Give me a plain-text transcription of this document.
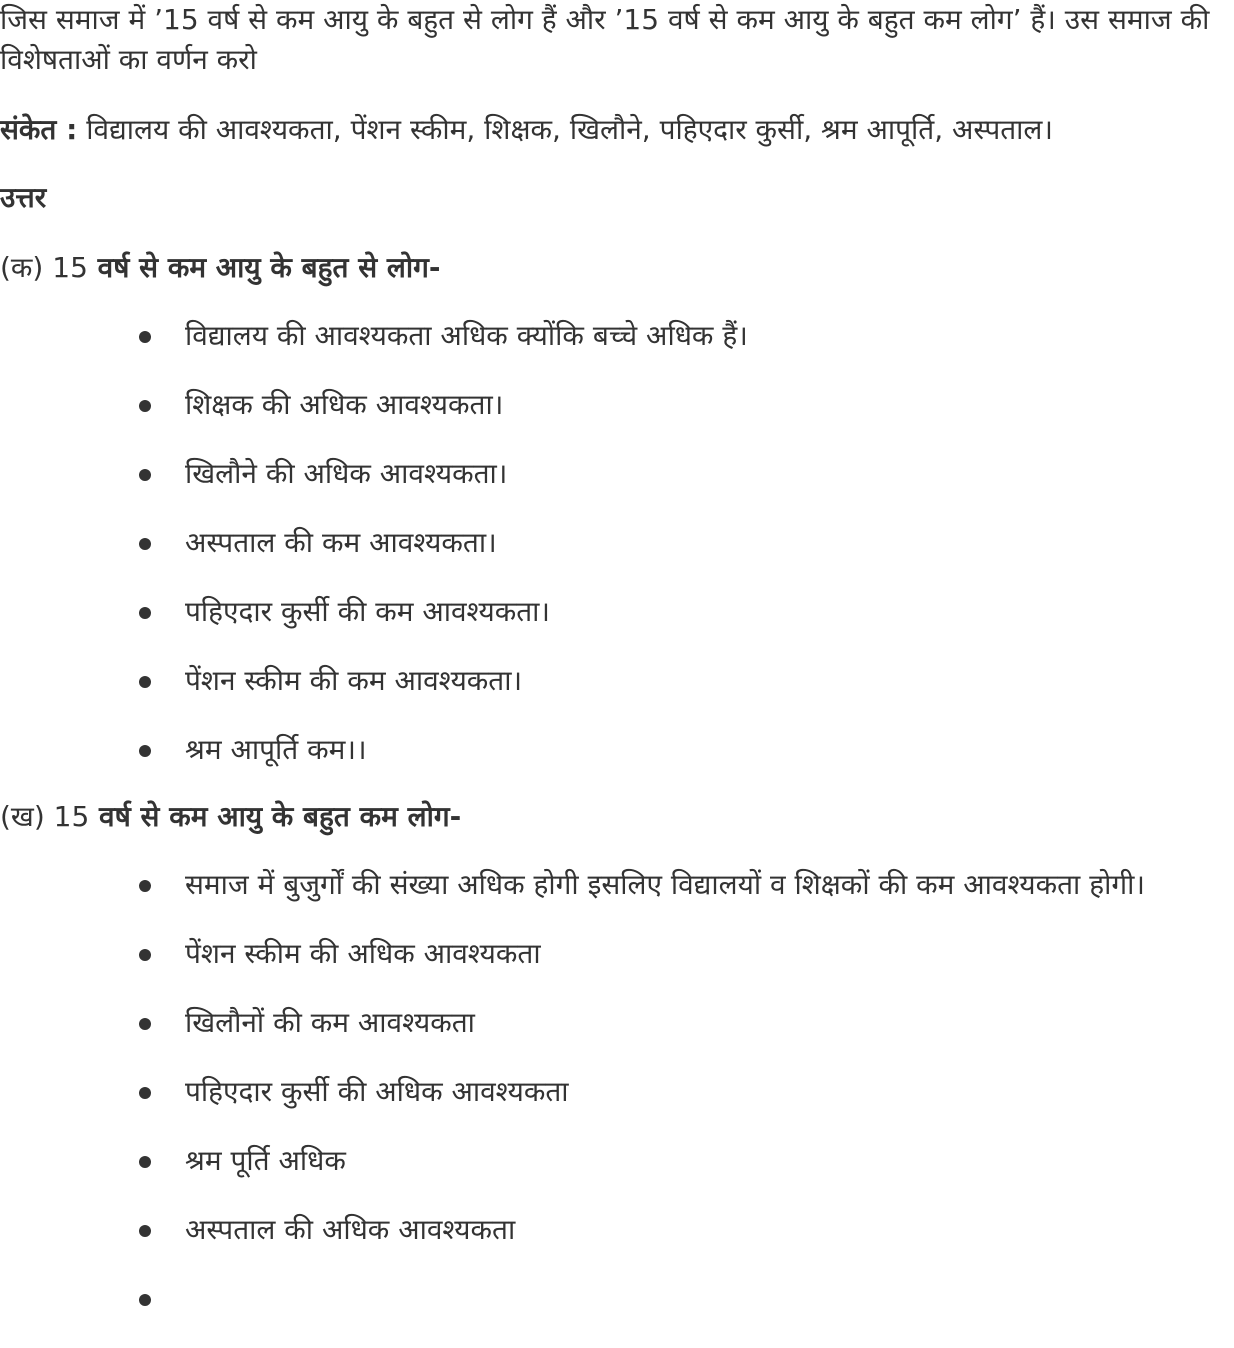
जिस समाज में ’15 वर्ष से कम आयु के बहुत से लोग हैं और ’15 वर्ष से कम आयु के बहुत कम लोग’ हैं। उस समाज की विशेषताओं का वर्णन करो
संकेत : विद्यालय की आवश्यकता, पेंशन स्कीम, शिक्षक, खिलौने, पहिएदार कुर्सी, श्रम आपूर्ति, अस्पताल।
उत्तर
(क) 15 वर्ष से कम आयु के बहुत से लोग-
विद्यालय की आवश्यकता अधिक क्योंकि बच्चे अधिक हैं।
शिक्षक की अधिक आवश्यकता।
खिलौने की अधिक आवश्यकता।
अस्पताल की कम आवश्यकता।
पहिएदार कुर्सी की कम आवश्यकता।
पेंशन स्कीम की कम आवश्यकता।
श्रम आपूर्ति कम।।
(ख) 15 वर्ष से कम आयु के बहुत कम लोग-
समाज में बुजुर्गों की संख्या अधिक होगी इसलिए विद्यालयों व शिक्षकों की कम आवश्यकता होगी।
पेंशन स्कीम की अधिक आवश्यकता
खिलौनों की कम आवश्यकता
पहिएदार कुर्सी की अधिक आवश्यकता
श्रम पूर्ति अधिक
अस्पताल की अधिक आवश्यकता
